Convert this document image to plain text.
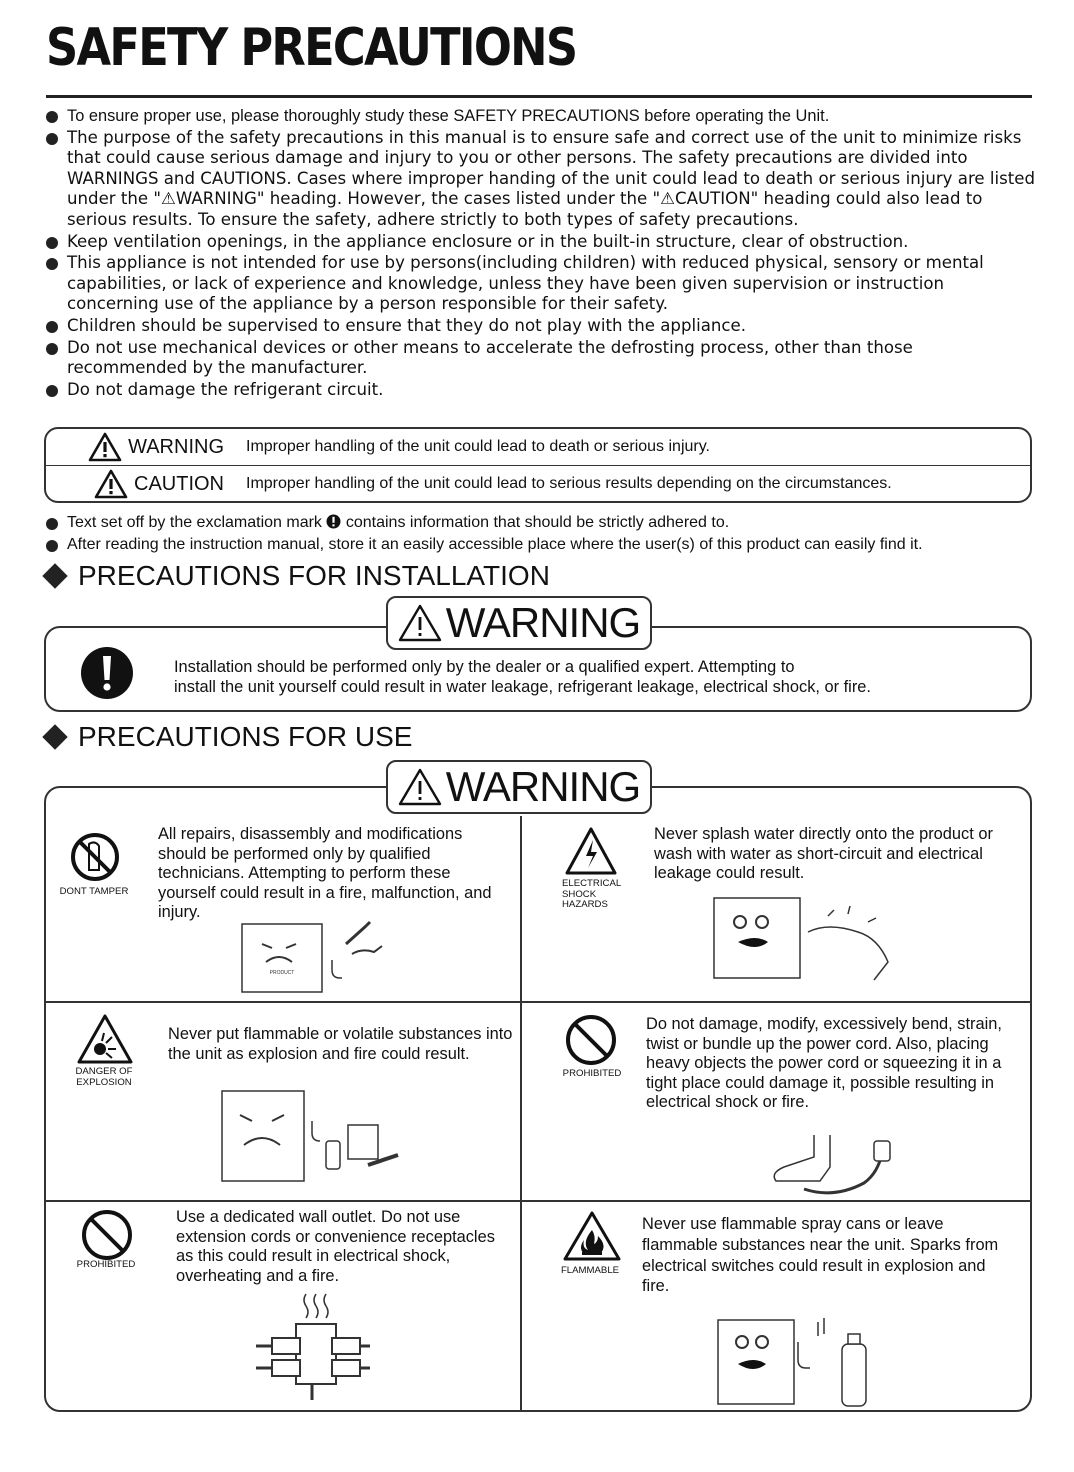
SAFETY PRECAUTIONS
To ensure proper use, please thoroughly study these SAFETY PRECAUTIONS before operating the Unit.
The purpose of the safety precautions in this manual is to ensure safe and correct use of the unit to minimize risks that could cause serious damage and injury to you or other persons. The safety precautions are divided into WARNINGS and CAUTIONS. Cases where improper handing of the unit could lead to death or serious injury are listed under the "⚠WARNING" heading. However, the cases listed under the "⚠CAUTION" heading could also lead to serious results. To ensure the safety, adhere strictly to both types of safety precautions.
Keep ventilation openings, in the appliance enclosure or in the built-in structure, clear of obstruction.
This appliance is not intended for use by persons(including children) with reduced physical, sensory or mental capabilities, or lack of experience and knowledge, unless they have been given supervision or instruction concerning use of the appliance by a person responsible for their safety.
Children should be supervised to ensure that they do not play with the appliance.
Do not use mechanical devices or other means to accelerate the defrosting process, other than those recommended by the manufacturer.
Do not damage the refrigerant circuit.
WARNING Improper handling of the unit could lead to death or serious injury.
CAUTION Improper handling of the unit could lead to serious results depending on the circumstances.
Text set off by the exclamation mark contains information that should be strictly adhered to.
After reading the instruction manual, store it an easily accessible place where the user(s) of this product can easily find it.
PRECAUTIONS FOR INSTALLATION
Installation should be performed only by the dealer or a qualified expert. Attempting to
install the unit yourself could result in water leakage, refrigerant leakage, electrical shock, or fire.
WARNING
PRECAUTIONS FOR USE
DONT TAMPER
All repairs, disassembly and modifications should be performed only by qualified technicians. Attempting to perform these yourself could result in a fire, malfunction, and injury.
PRODUCT
ELECTRICAL SHOCK HAZARDS
Never splash water directly onto the product or wash with water as short-circuit and electrical leakage could result.
DANGER OF EXPLOSION
Never put flammable or volatile substances into the unit as explosion and fire could result.
PROHIBITED
Do not damage, modify, excessively bend, strain, twist or bundle up the power cord. Also, placing heavy objects the power cord or squeezing it in a tight place could damage it, possible resulting in electrical shock or fire.
PROHIBITED
Use a dedicated wall outlet. Do not use extension cords or convenience receptacles as this could result in electrical shock, overheating and a fire.	FLAMMABLE
Never use flammable spray cans or leave flammable substances near the unit. Sparks from electrical switches could result in explosion and fire.
WARNING
